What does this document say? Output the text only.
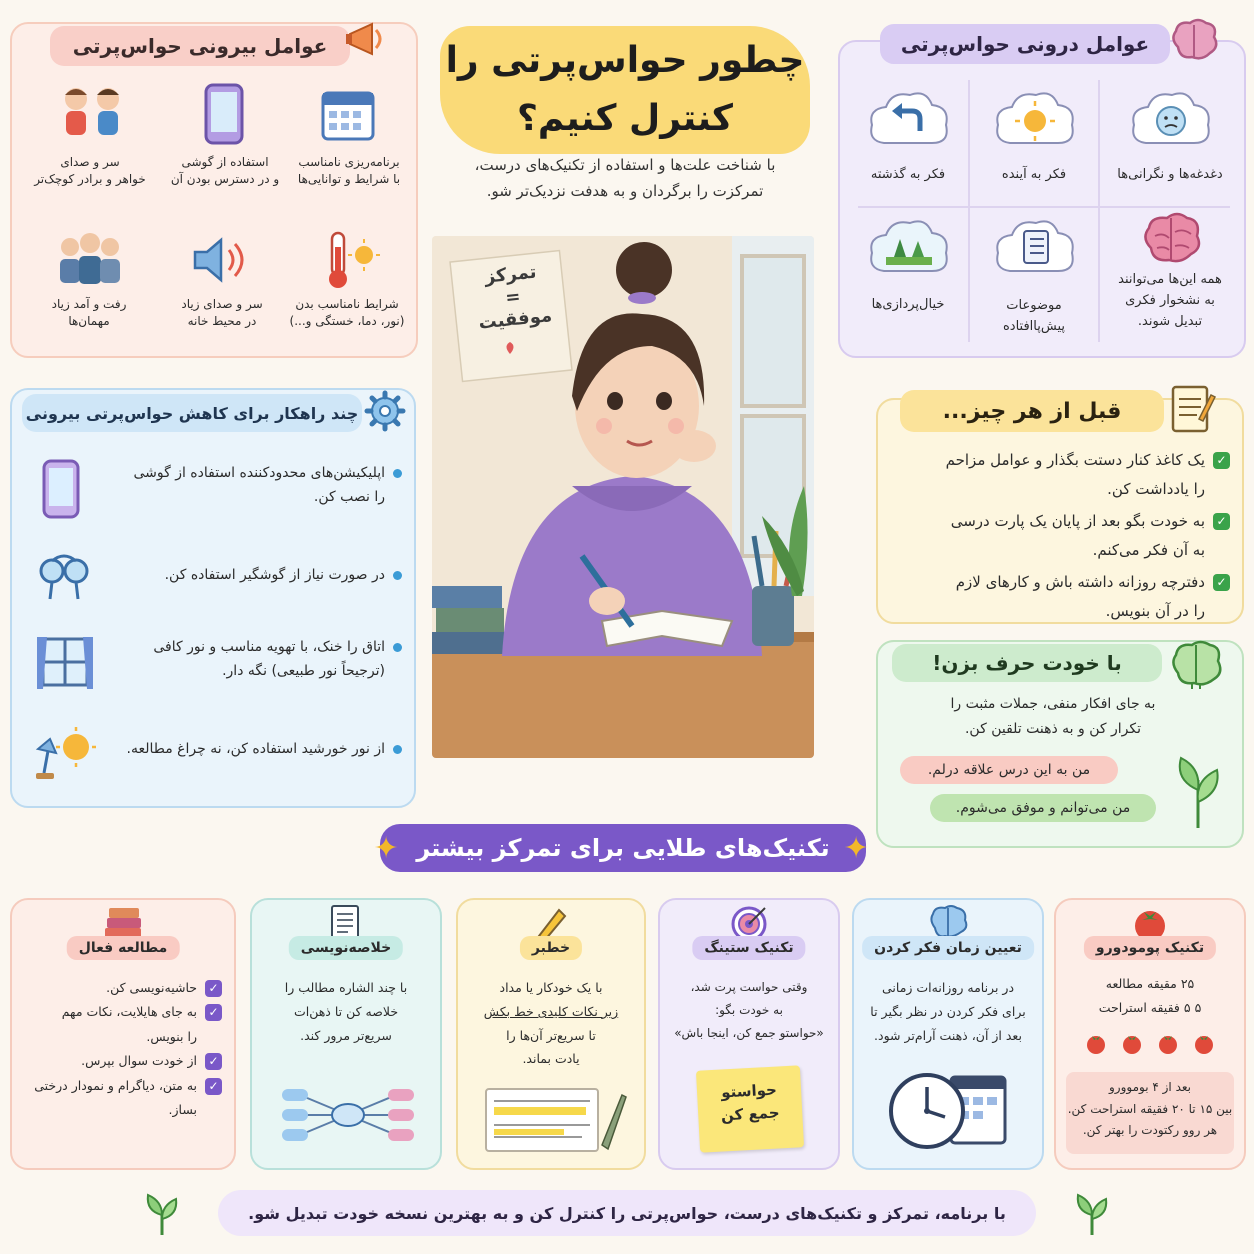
چطور حواس‌پرتی را
کنترل کنیم؟
با شناخت علت‌ها و استفاده از تکنیک‌های درست،
تمرکزت را برگردان و به هدفت نزدیک‌تر شو.
تمرکز
=
موفقیت
عوامل بیرونی حواس‌پرتی
برنامه‌ریزی نامناسب
با شرایط و توانایی‌ها
استفاده از گوشی
و در دسترس بودن آن
سر و صدای
خواهر و برادر کوچک‌تر
شرایط نامناسب بدن
(نور، دما، خستگی و...)
سر و صدای زیاد
در محیط خانه
رفت و آمد زیاد
مهمان‌ها
عوامل درونی حواس‌پرتی
دغدغه‌ها و نگرانی‌ها
فکر به آینده
فکر به گذشته
همه این‌ها می‌توانند
به نشخوار فکری
تبدیل شوند.
موضوعات
پیش‌پاافتاده
خیال‌پردازی‌ها
چند راهکار برای کاهش حواس‌پرتی بیرونی
اپلیکیشن‌های محدودکننده استفاده از گوشی
را نصب کن.
در صورت نیاز از گوشگیر استفاده کن.
اتاق را خنک، با تهویه مناسب و نور کافی
(ترجیحاً نور طبیعی) نگه دار.
از نور خورشید استفاده کن، نه چراغ مطالعه.
قبل از هر چیز...
✓یک کاغذ کنار دستت بگذار و عوامل مزاحم
را یادداشت کن.
✓به خودت بگو بعد از پایان یک پارت درسی
به آن فکر می‌کنم.
✓دفترچه روزانه داشته باش و کارهای لازم
را در آن بنویس.
با خودت حرف بزن!
به جای افکار منفی، جملات مثبت را
تکرار کن و به ذهنت تلقین کن.
من به این درس علاقه درلم.
من می‌توانم و موفق می‌شوم.
تکنیک‌های طلایی برای تمرکز بیشتر ✦
✦
تکنیک پومودورو
۲۵ مقیقه مطالعه
۵ ۵ فقیقه استراحت
بعد از ۴ بوموورو
بین ۱۵ تا ۲۰ فقیقه استراحت کن.
هر روو رکتودت را بهتر کن.
تعیین زمان فکر کردن
در برنامه روزانه‌ات زمانی
برای فکر کردن در نظر بگیر تا
بعد از آن، ذهنت آرام‌تر شود.
تکنیک ستینگ
وقتی حواست پرت شد،
به خودت بگو:
«حواستو جمع کن، اینجا باش»
حواستو
جمع کن
خطبر
با یک خودکار یا مداد
زیر نکات کلیدی خط بکش
تا سریع‌تر آن‌ها را
یادت بماند.
خلاصه‌نویسی
با چند الشاره مطالب را
خلاصه کن تا ذهن‌ات
سریع‌تر مرور کند.
مطالعه فعال
✓حاشیه‌نویسی کن.
✓به جای هایلایت، نکات مهم
را بنویس.
✓از خودت سوال بپرس.
✓به متن، دیاگرام و نمودار درختی
بساز.
با برنامه، تمرکز و تکنیک‌های درست، حواس‌پرتی را کنترل کن و به بهترین نسخه خودت تبدیل شو.
